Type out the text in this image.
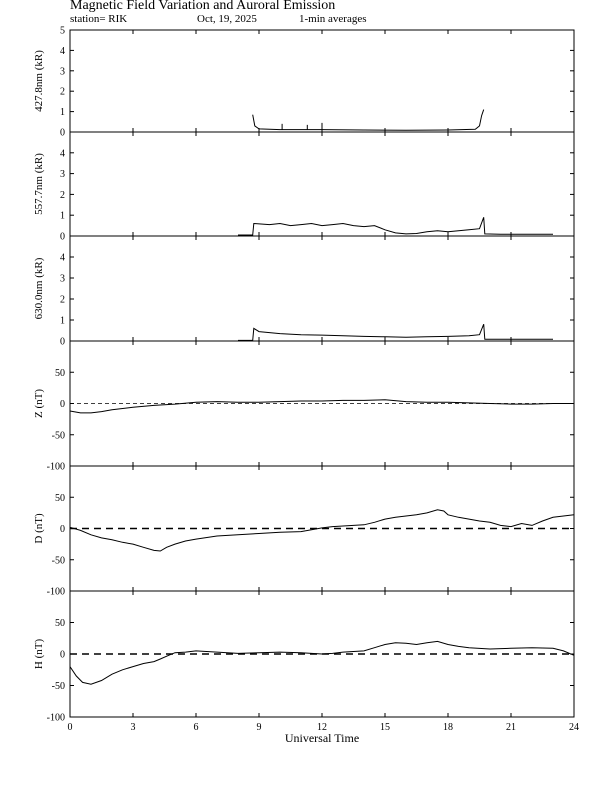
Magnetic Field Variation and Auroral Emission
station= RIK	Oct, 19, 2025	1-min averages
0
1
2
3
4
5
427.8nm (kR)
0
1
2
3
4
557.7nm (kR)
0
1
2
3
4
630.0nm (kR)
50
0
-50
-100
Z (nT)
50
0
-50
-100
D (nT)
50
0
-50
-100
H (nT)
0	3	6	9	12	15	18	21	24
Universal Time
